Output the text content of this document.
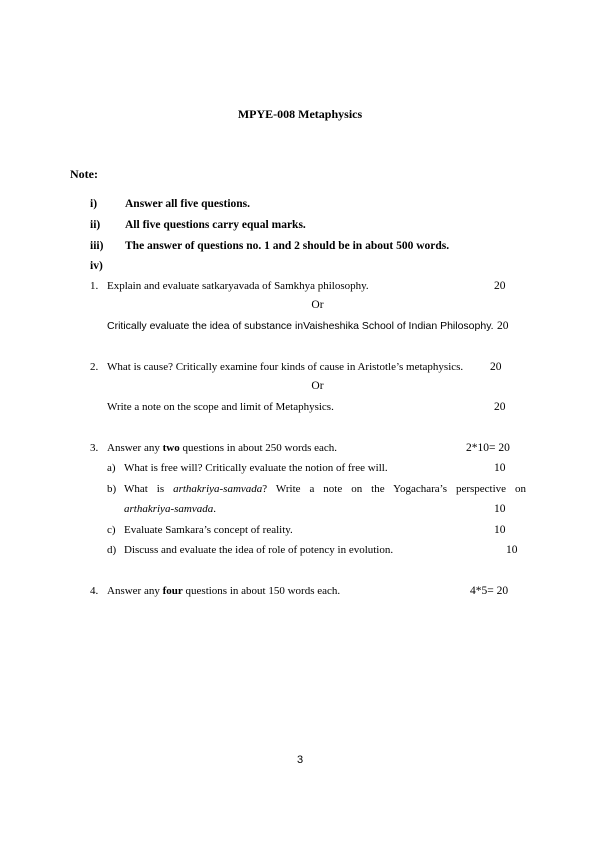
MPYE-008 Metaphysics
Note:
i) Answer all five questions.
ii) All five questions carry equal marks.
iii) The answer of questions no. 1 and 2 should be in about 500 words.
iv)
1. Explain and evaluate satkaryavada of Samkhya philosophy.	20
Or
Critically evaluate the idea of substance inVaisheshika School of Indian Philosophy. 20
2. What is cause? Critically examine four kinds of cause in Aristotle’s metaphysics. 20
Or
Write a note on the scope and limit of Metaphysics.	20
3. Answer any two questions in about 250 words each.	2*10= 20
a) What is free will? Critically evaluate the notion of free will.	10
b) What is arthakriya-samvada? Write a note on the Yogachara’s perspective on
arthakriya-samvada.	10
c) Evaluate Samkara’s concept of reality.	10
d) Discuss and evaluate the idea of role of potency in evolution.	10
4. Answer any four questions in about 150 words each.	4*5= 20
3
